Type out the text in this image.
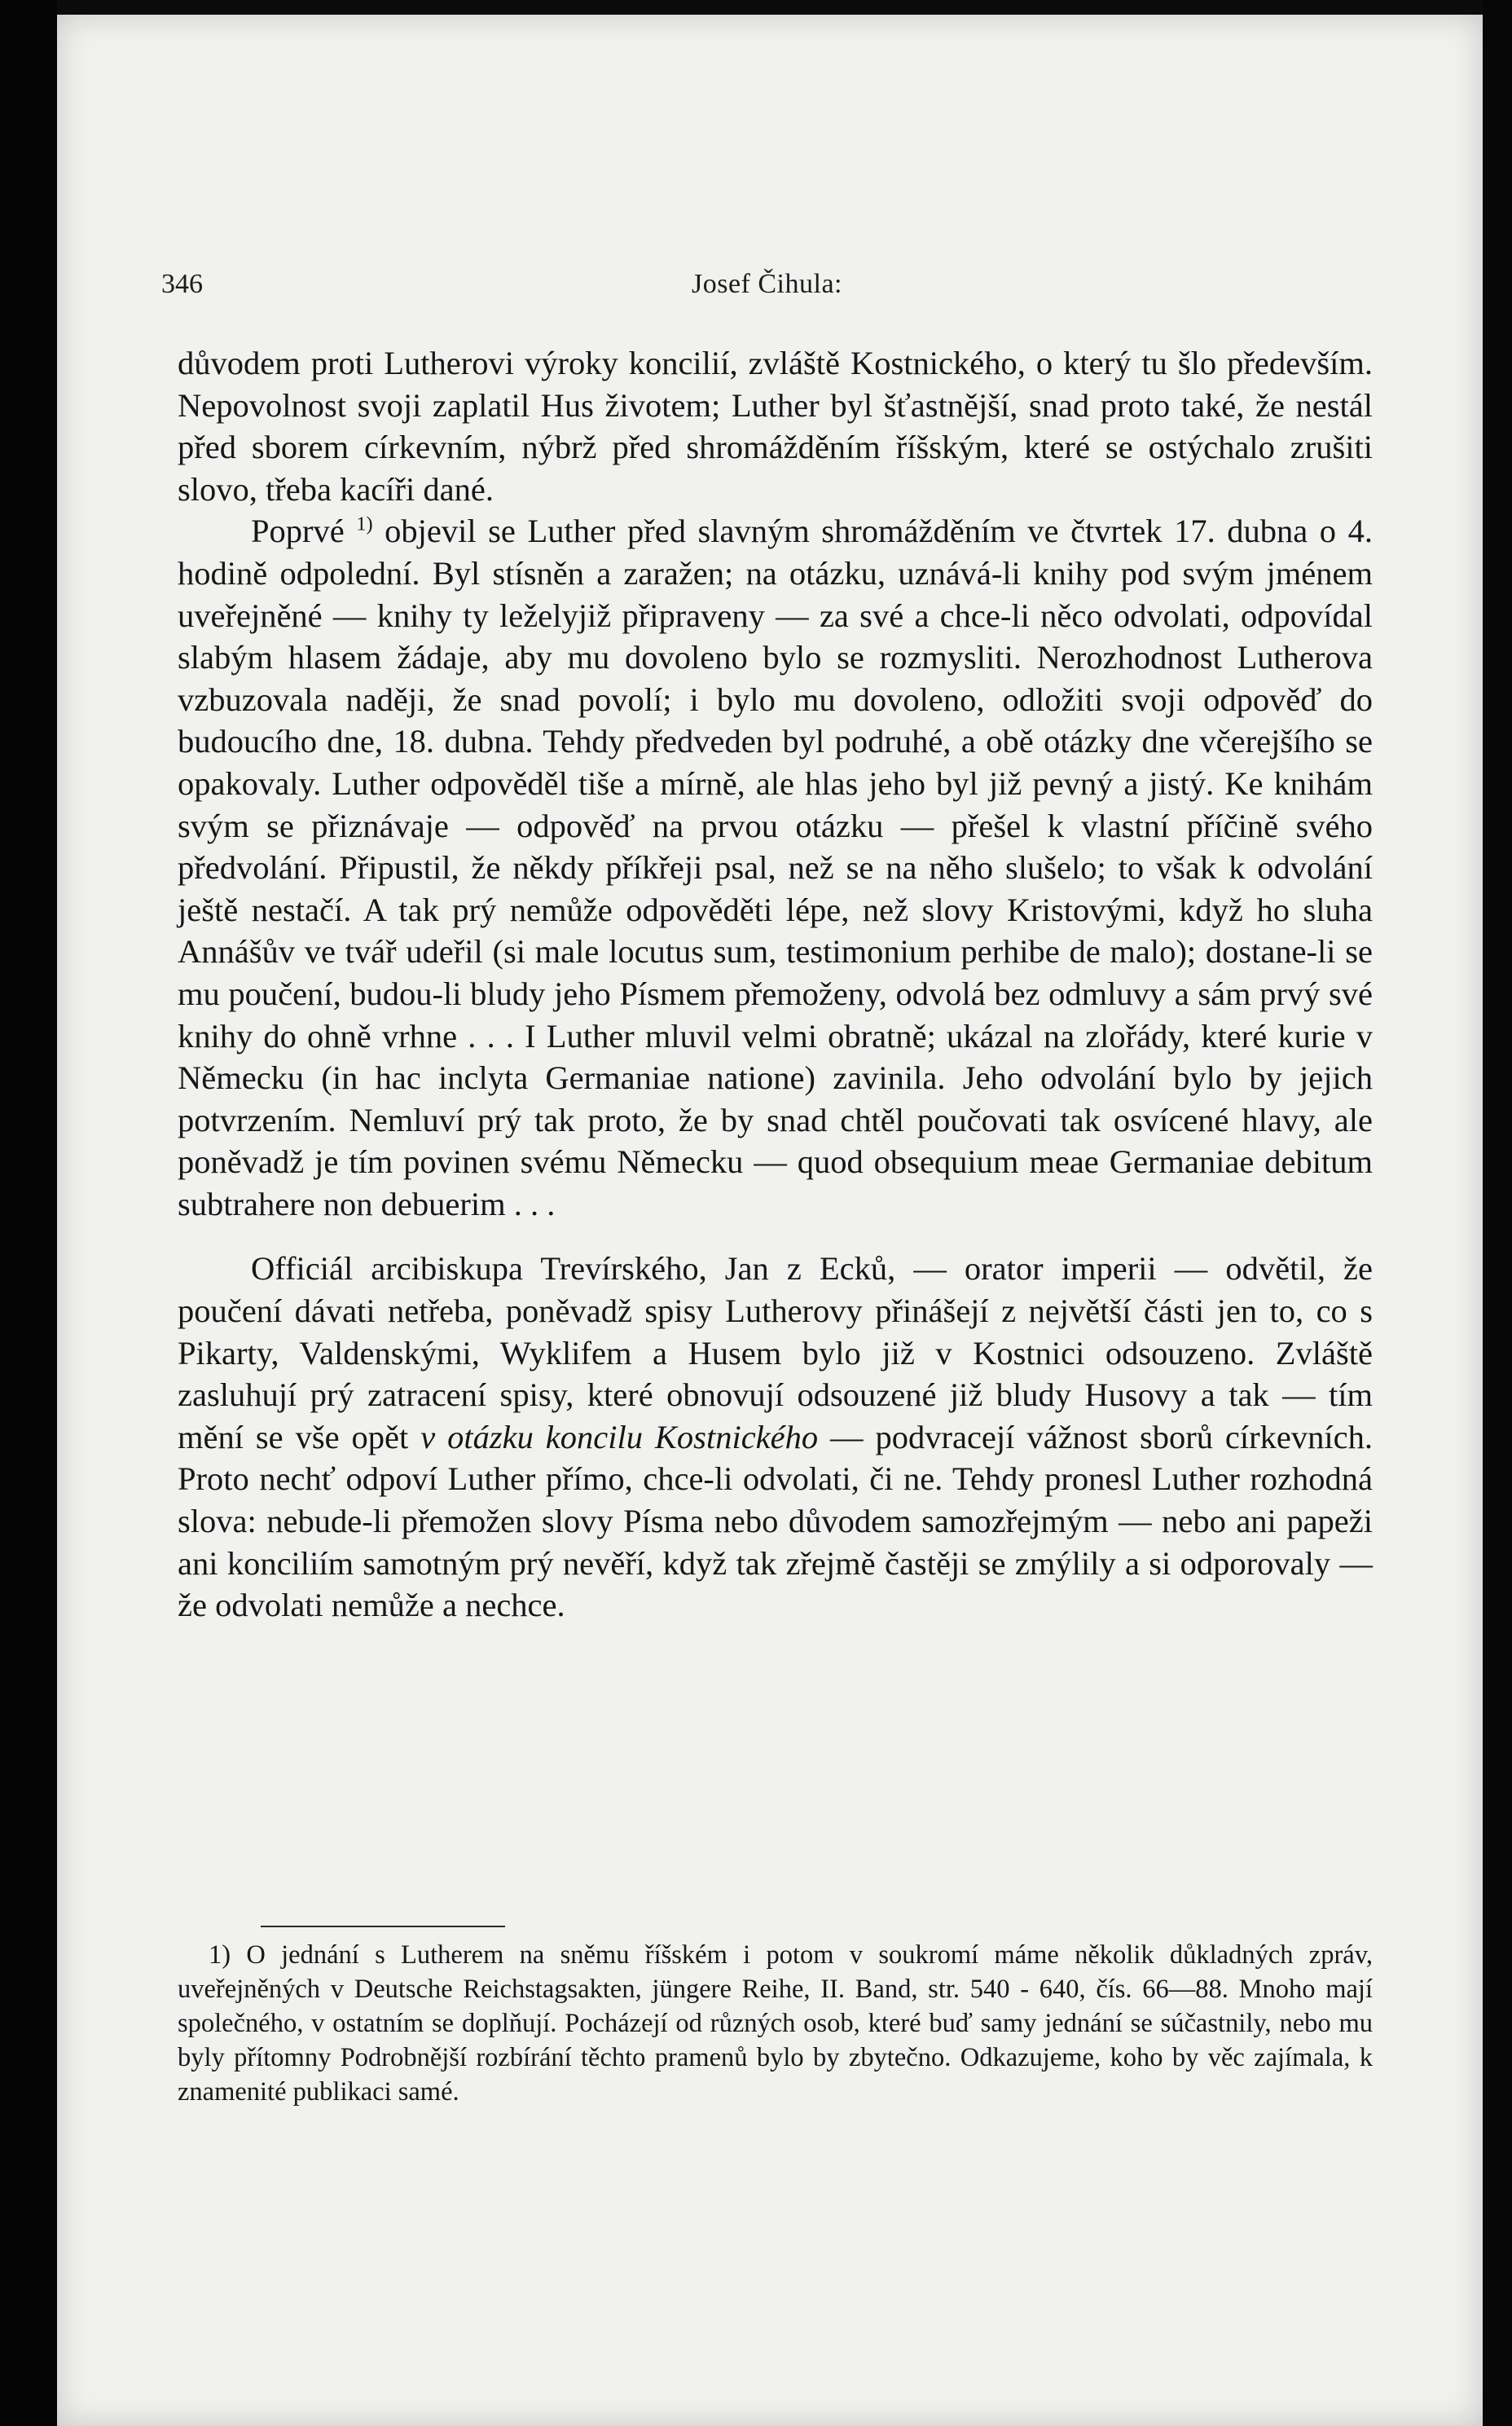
346	Josef Čihula:

důvodem proti Lutherovi výroky koncilií, zvláště Kostnického, o který tu šlo především. Nepovolnost svoji zaplatil Hus životem; Luther byl šťastnější, snad proto také, že nestál před sborem církevním, nýbrž před shromážděním říšským, které se ostýchalo zrušiti slovo, třeba kacíři dané.

Poprvé $^{1)}$ objevil se Luther před slavným shromážděním ve čtvrtek 17. dubna o 4. hodině odpolední. Byl stísněn a zaražen; na otázku, uznává-li knihy pod svým jménem uveřejněné — knihy ty leželyjiž připraveny — za své a chce-li něco odvolati, odpovídal slabým hlasem žádaje, aby mu dovoleno bylo se rozmysliti. Nerozhodnost Lutherova vzbuzovala naději, že snad povolí; i bylo mu dovoleno, odložiti svoji odpověď do budoucího dne, 18. dubna. Tehdy předveden byl podruhé, a obě otázky dne včerejšího se opakovaly. Luther odpověděl tiše a mírně, ale hlas jeho byl již pevný a jistý. Ke knihám svým se přiznávaje — odpověď na prvou otázku — přešel k vlastní příčině svého předvolání. Připustil, že někdy příkřeji psal, než se na něho slušelo; to však k odvolání ještě nestačí. A tak prý nemůže odpověděti lépe, než slovy Kristovými, když ho sluha Annášův ve tvář udeřil (si male locutus sum, testimonium perhibe de malo); dostane-li se mu poučení, budou-li bludy jeho Písmem přemoženy, odvolá bez odmluvy a sám prvý své knihy do ohně vrhne . . . I Luther mluvil velmi obratně; ukázal na zlořády, které kurie v Německu (in hac inclyta Germaniae natione) zavinila. Jeho odvolání bylo by jejich potvrzením. Nemluví prý tak proto, že by snad chtěl poučovati tak osvícené hlavy, ale poněvadž je tím povinen svému Německu — quod obsequium meae Germaniae debitum subtrahere non debuerim . . .

Officiál arcibiskupa Trevírského, Jan z Ecků, — orator imperii — odvětil, že poučení dávati netřeba, poněvadž spisy Lutherovy přinášejí z největší části jen to, co s Pikarty, Valdenskými, Wyklifem a Husem bylo již v Kostnici odsouzeno. Zvláště zasluhují prý zatracení spisy, které obnovují odsouzené již bludy Husovy a tak — tím mění se vše opět v otázku koncilu Kostnického — podvracejí vážnost sborů církevních. Proto nechť odpoví Luther přímo, chce-li odvolati, či ne. Tehdy pronesl Luther rozhodná slova: nebude-li přemožen slovy Písma nebo důvodem samozřejmým — nebo ani papeži ani konciliím samotným prý nevěří, když tak zřejmě častěji se zmýlily a si odporovaly — že odvolati nemůže a nechce.

1) O jednání s Lutherem na sněmu říšském i potom v soukromí máme několik důkladných zpráv, uveřejněných v Deutsche Reichstagsakten, jüngere Reihe, II. Band, str. 540 - 640, čís. 66—88. Mnoho mají společného, v ostatním se doplňují. Pocházejí od různých osob, které buď samy jednání se súčastnily, nebo mu byly přítomny Podrobnější rozbírání těchto pramenů bylo by zbytečno. Odkazujeme, koho by věc zajímala, k znamenité publikaci samé.
